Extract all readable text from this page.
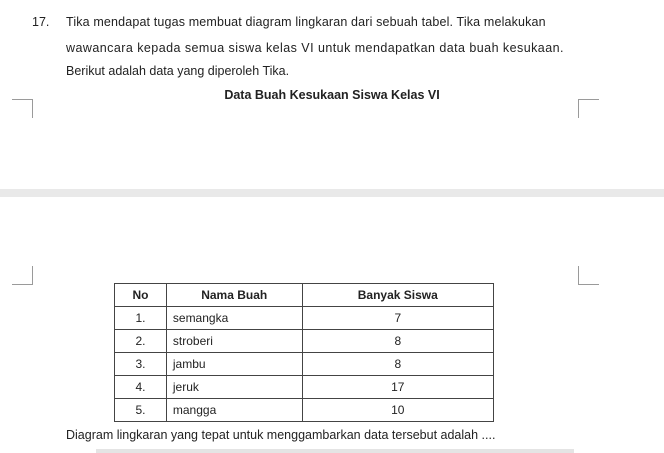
17. Tika mendapat tugas membuat diagram lingkaran dari sebuah tabel. Tika melakukan
wawancara kepada semua siswa kelas VI untuk mendapatkan data buah kesukaan.
Berikut adalah data yang diperoleh Tika.
Data Buah Kesukaan Siswa Kelas VI
No	Nama Buah	Banyak Siswa
1.	semangka	7
2.	stroberi	8
3.	jambu	8
4.	jeruk	17
5.	mangga	10
Diagram lingkaran yang tepat untuk menggambarkan data tersebut adalah ....
